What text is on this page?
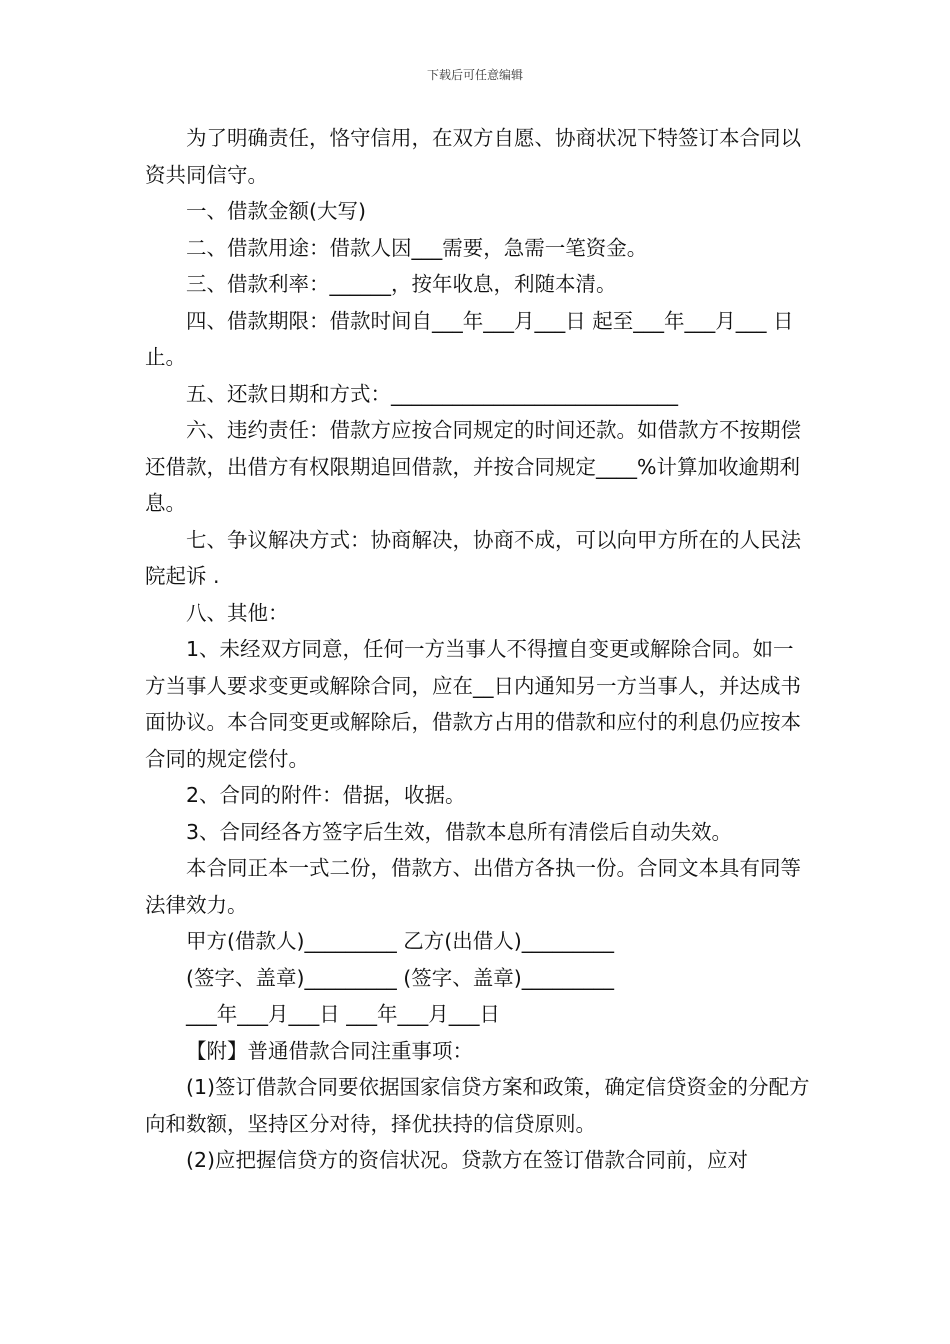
下载后可任意编辑

为了明确责任，恪守信用，在双方自愿、协商状况下特签订本合同以资共同信守。

一、借款金额(大写)

二、借款用途：借款人因___需要，急需一笔资金。

三、借款利率：______，按年收息，利随本清。

四、借款期限：借款时间自___年___月___日 起至___年___月___ 日止。

五、还款日期和方式：____________________________

六、违约责任：借款方应按合同规定的时间还款。如借款方不按期偿还借款，出借方有权限期追回借款，并按合同规定____%计算加收逾期利息。

七、争议解决方式：协商解决，协商不成，可以向甲方所在的人民法院起诉 .

八、其他：

1、未经双方同意，任何一方当事人不得擅自变更或解除合同。如一方当事人要求变更或解除合同，应在__日内通知另一方当事人，并达成书面协议。本合同变更或解除后，借款方占用的借款和应付的利息仍应按本合同的规定偿付。

2、合同的附件：借据，收据。

3、合同经各方签字后生效，借款本息所有清偿后自动失效。

本合同正本一式二份，借款方、出借方各执一份。合同文本具有同等法律效力。

甲方(借款人)_________ 乙方(出借人)_________

(签字、盖章)_________ (签字、盖章)_________

___年___月___日 ___年___月___日

【附】普通借款合同注重事项：

(1)签订借款合同要依据国家信贷方案和政策，确定信贷资金的分配方向和数额，坚持区分对待，择优扶持的信贷原则。

(2)应把握信贷方的资信状况。贷款方在签订借款合同前，应对
